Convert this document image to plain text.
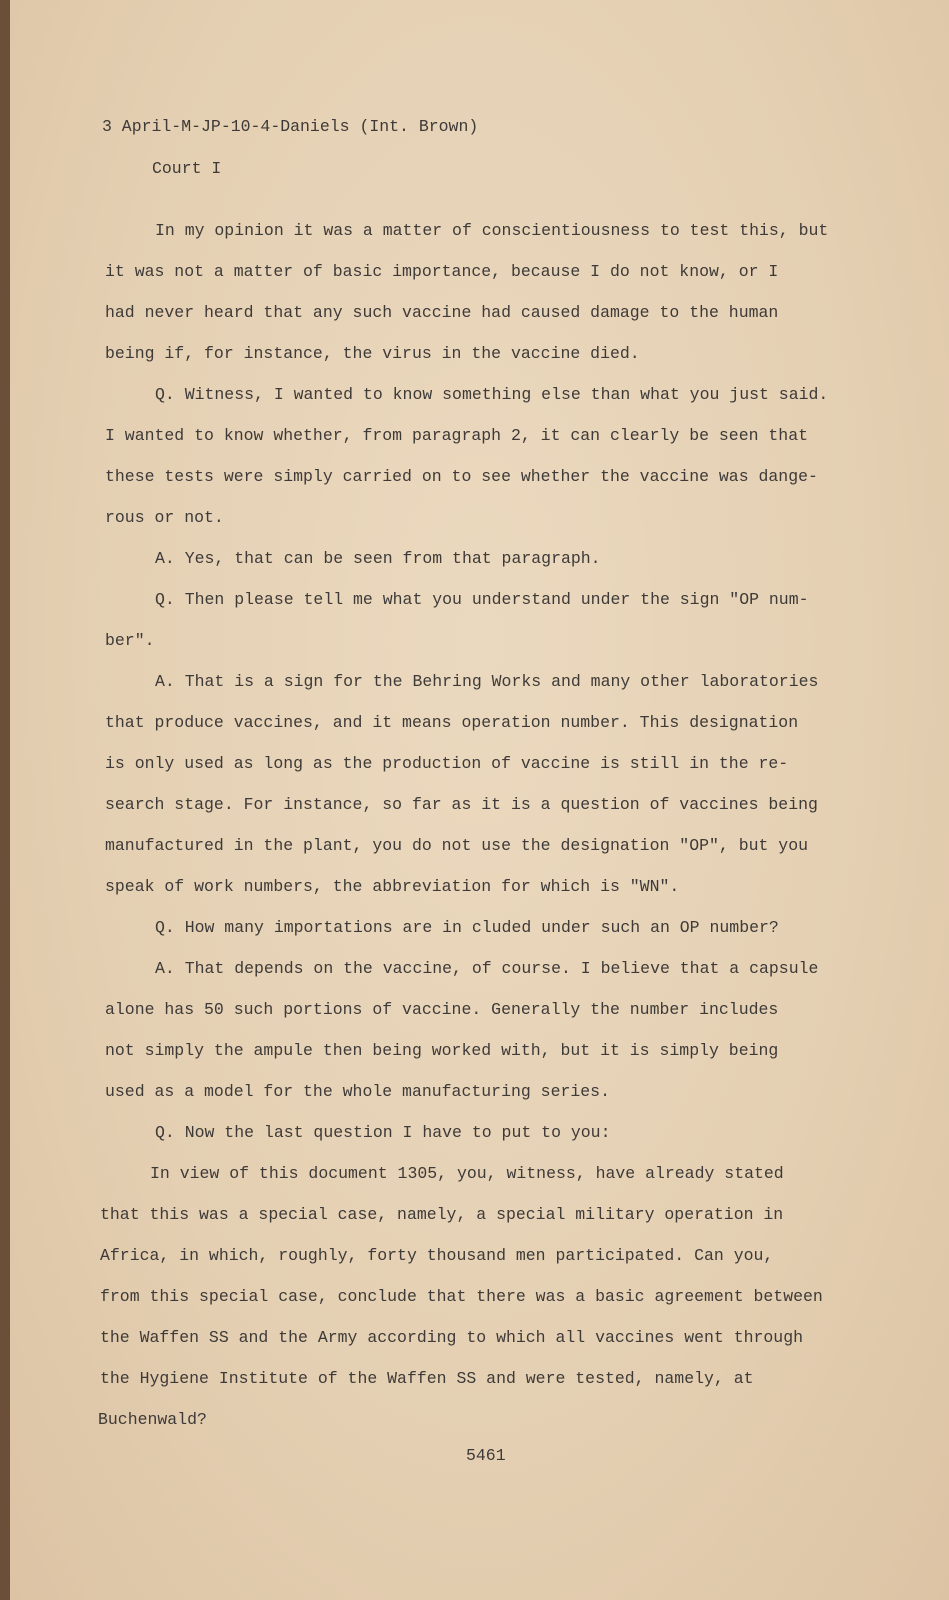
3 April-M-JP-10-4-Daniels (Int. Brown)
Court I
In my opinion it was a matter of conscientiousness to test this, but
it was not a matter of basic importance, because I do not know, or I
had never heard that any such vaccine had caused damage to the human
being if, for instance, the virus in the vaccine died.
Q. Witness, I wanted to know something else than what you just said.
I wanted to know whether, from paragraph 2, it can clearly be seen that
these tests were simply carried on to see whether the vaccine was dange-
rous or not.
A. Yes, that can be seen from that paragraph.
Q. Then please tell me what you understand under the sign "OP num-
ber".
A. That is a sign for the Behring Works and many other laboratories
that produce vaccines, and it means operation number. This designation
is only used as long as the production of vaccine is still in the re-
search stage. For instance, so far as it is a question of vaccines being
manufactured in the plant, you do not use the designation "OP", but you
speak of work numbers, the abbreviation for which is "WN".
Q. How many importations are in cluded under such an OP number?
A. That depends on the vaccine, of course. I believe that a capsule
alone has 50 such portions of vaccine. Generally the number includes
not simply the ampule then being worked with, but it is simply being
used as a model for the whole manufacturing series.
Q. Now the last question I have to put to you:
In view of this document 1305, you, witness, have already stated
that this was a special case, namely, a special military operation in
Africa, in which, roughly, forty thousand men participated. Can you,
from this special case, conclude that there was a basic agreement between
the Waffen SS and the Army according to which all vaccines went through
the Hygiene Institute of the Waffen SS and were tested, namely, at
Buchenwald?
5461
